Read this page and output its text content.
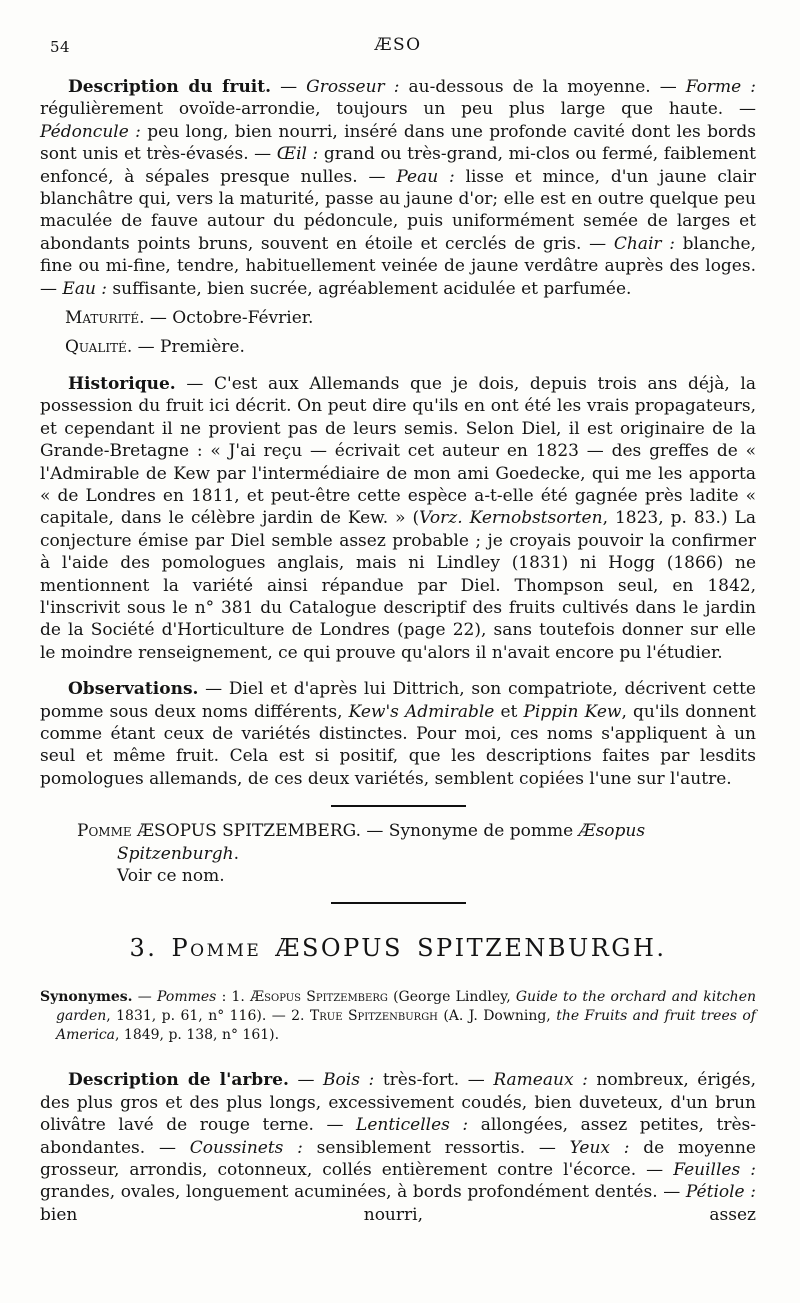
54	ÆSO

Description du fruit. — Grosseur : au-dessous de la moyenne. — Forme : régulièrement ovoïde-arrondie, toujours un peu plus large que haute. — Pédoncule : peu long, bien nourri, inséré dans une profonde cavité dont les bords sont unis et très-évasés. — Œil : grand ou très-grand, mi-clos ou fermé, faiblement enfoncé, à sépales presque nulles. — Peau : lisse et mince, d'un jaune clair blanchâtre qui, vers la maturité, passe au jaune d'or; elle est en outre quelque peu maculée de fauve autour du pédoncule, puis uniformément semée de larges et abondants points bruns, souvent en étoile et cerclés de gris. — Chair : blanche, fine ou mi-fine, tendre, habituellement veinée de jaune verdâtre auprès des loges. — Eau : suffisante, bien sucrée, agréablement acidulée et parfumée.

Maturité. — Octobre-Février.

Qualité. — Première.

Historique. — C'est aux Allemands que je dois, depuis trois ans déjà, la possession du fruit ici décrit. On peut dire qu'ils en ont été les vrais propagateurs, et cependant il ne provient pas de leurs semis. Selon Diel, il est originaire de la Grande-Bretagne : « J'ai reçu — écrivait cet auteur en 1823 — des greffes de « l'Admirable de Kew par l'intermédiaire de mon ami Goedecke, qui me les apporta « de Londres en 1811, et peut-être cette espèce a-t-elle été gagnée près ladite « capitale, dans le célèbre jardin de Kew. » (Vorz. Kernobstsorten, 1823, p. 83.) La conjecture émise par Diel semble assez probable ; je croyais pouvoir la confirmer à l'aide des pomologues anglais, mais ni Lindley (1831) ni Hogg (1866) ne mentionnent la variété ainsi répandue par Diel. Thompson seul, en 1842, l'inscrivit sous le n° 381 du Catalogue descriptif des fruits cultivés dans le jardin de la Société d'Horticulture de Londres (page 22), sans toutefois donner sur elle le moindre renseignement, ce qui prouve qu'alors il n'avait encore pu l'étudier.

Observations. — Diel et d'après lui Dittrich, son compatriote, décrivent cette pomme sous deux noms différents, Kew's Admirable et Pippin Kew, qu'ils donnent comme étant ceux de variétés distinctes. Pour moi, ces noms s'appliquent à un seul et même fruit. Cela est si positif, que les descriptions faites par lesdits pomologues allemands, de ces deux variétés, semblent copiées l'une sur l'autre.

Pomme ÆSOPUS SPITZEMBERG. — Synonyme de pomme Æsopus Spitzenburgh.
Voir ce nom.

3. Pomme ÆSOPUS SPITZENBURGH.

Synonymes. — Pommes : 1. Æsopus Spitzemberg (George Lindley, Guide to the orchard and kitchen garden, 1831, p. 61, n° 116). — 2. True Spitzenburgh (A. J. Downing, the Fruits and fruit trees of America, 1849, p. 138, n° 161).

Description de l'arbre. — Bois : très-fort. — Rameaux : nombreux, érigés, des plus gros et des plus longs, excessivement coudés, bien duveteux, d'un brun olivâtre lavé de rouge terne. — Lenticelles : allongées, assez petites, très-abondantes. — Coussinets : sensiblement ressortis. — Yeux : de moyenne grosseur, arrondis, cotonneux, collés entièrement contre l'écorce. — Feuilles : grandes, ovales, longuement acuminées, à bords profondément dentés. — Pétiole : bien nourri, assez
